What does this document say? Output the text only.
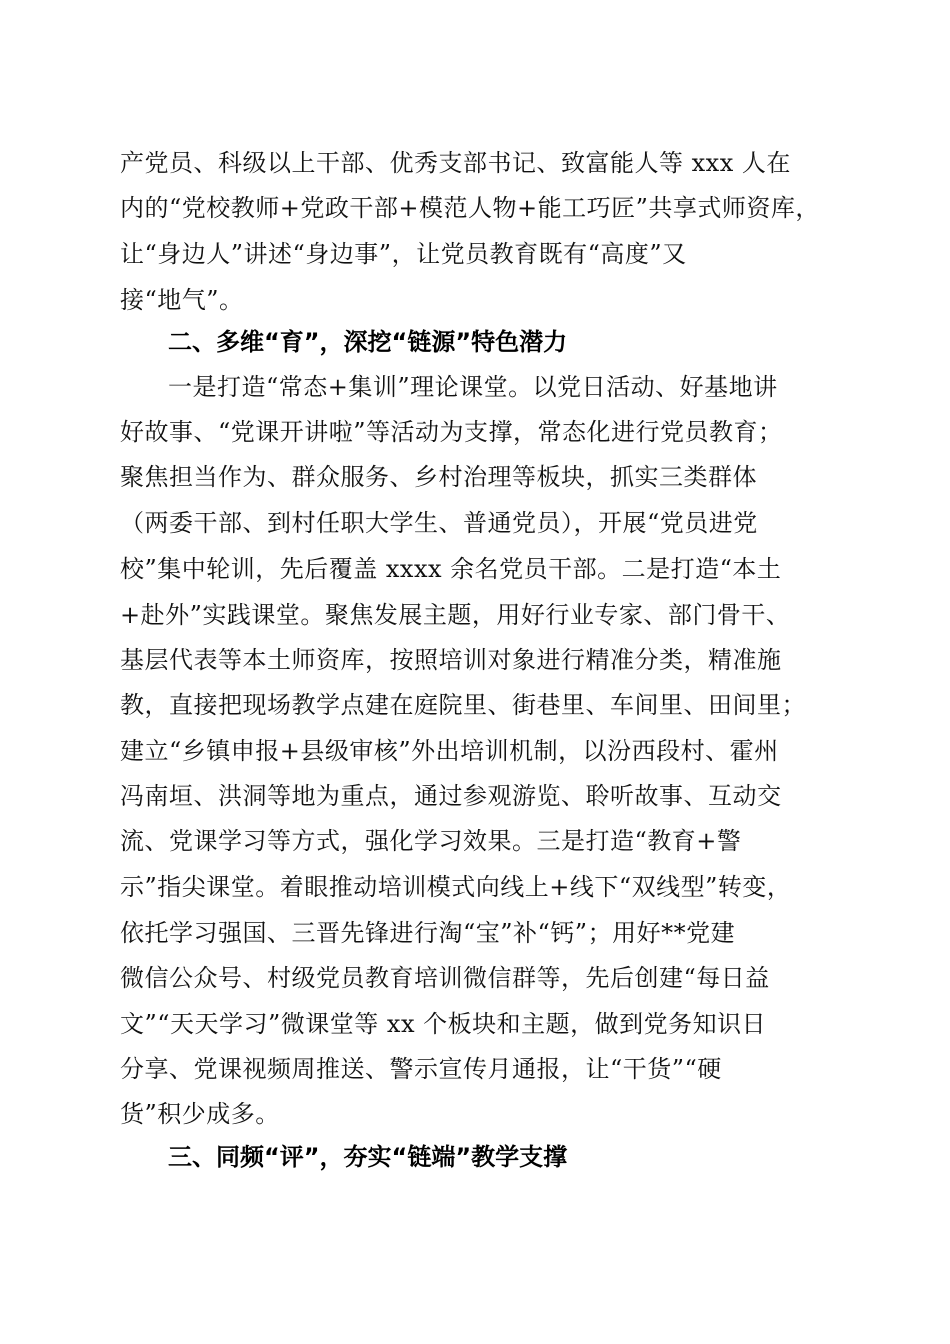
产党员、科级以上干部、优秀支部书记、致富能人等 xxx 人在
内的“党校教师+党政干部+模范人物+能工巧匠”共享式师资库，
让“身边人”讲述“身边事”，让党员教育既有“高度”又
接“地气”。
二、多维“育”，深挖“链源”特色潜力
一是打造“常态+集训”理论课堂。以党日活动、好基地讲
好故事、“党课开讲啦”等活动为支撑，常态化进行党员教育；
聚焦担当作为、群众服务、乡村治理等板块，抓实三类群体
（两委干部、到村任职大学生、普通党员），开展“党员进党
校”集中轮训，先后覆盖 xxxx 余名党员干部。二是打造“本土
+赴外”实践课堂。聚焦发展主题，用好行业专家、部门骨干、
基层代表等本土师资库，按照培训对象进行精准分类，精准施
教，直接把现场教学点建在庭院里、街巷里、车间里、田间里；
建立“乡镇申报+县级审核”外出培训机制，以汾西段村、霍州
冯南垣、洪洞等地为重点，通过参观游览、聆听故事、互动交
流、党课学习等方式，强化学习效果。三是打造“教育+警
示”指尖课堂。着眼推动培训模式向线上+线下“双线型”转变，
依托学习强国、三晋先锋进行淘“宝”补“钙”；用好**党建
微信公众号、村级党员教育培训微信群等，先后创建“每日益
文”“天天学习”微课堂等 xx 个板块和主题，做到党务知识日
分享、党课视频周推送、警示宣传月通报，让“干货”“硬
货”积少成多。
三、同频“评”，夯实“链端”教学支撑
